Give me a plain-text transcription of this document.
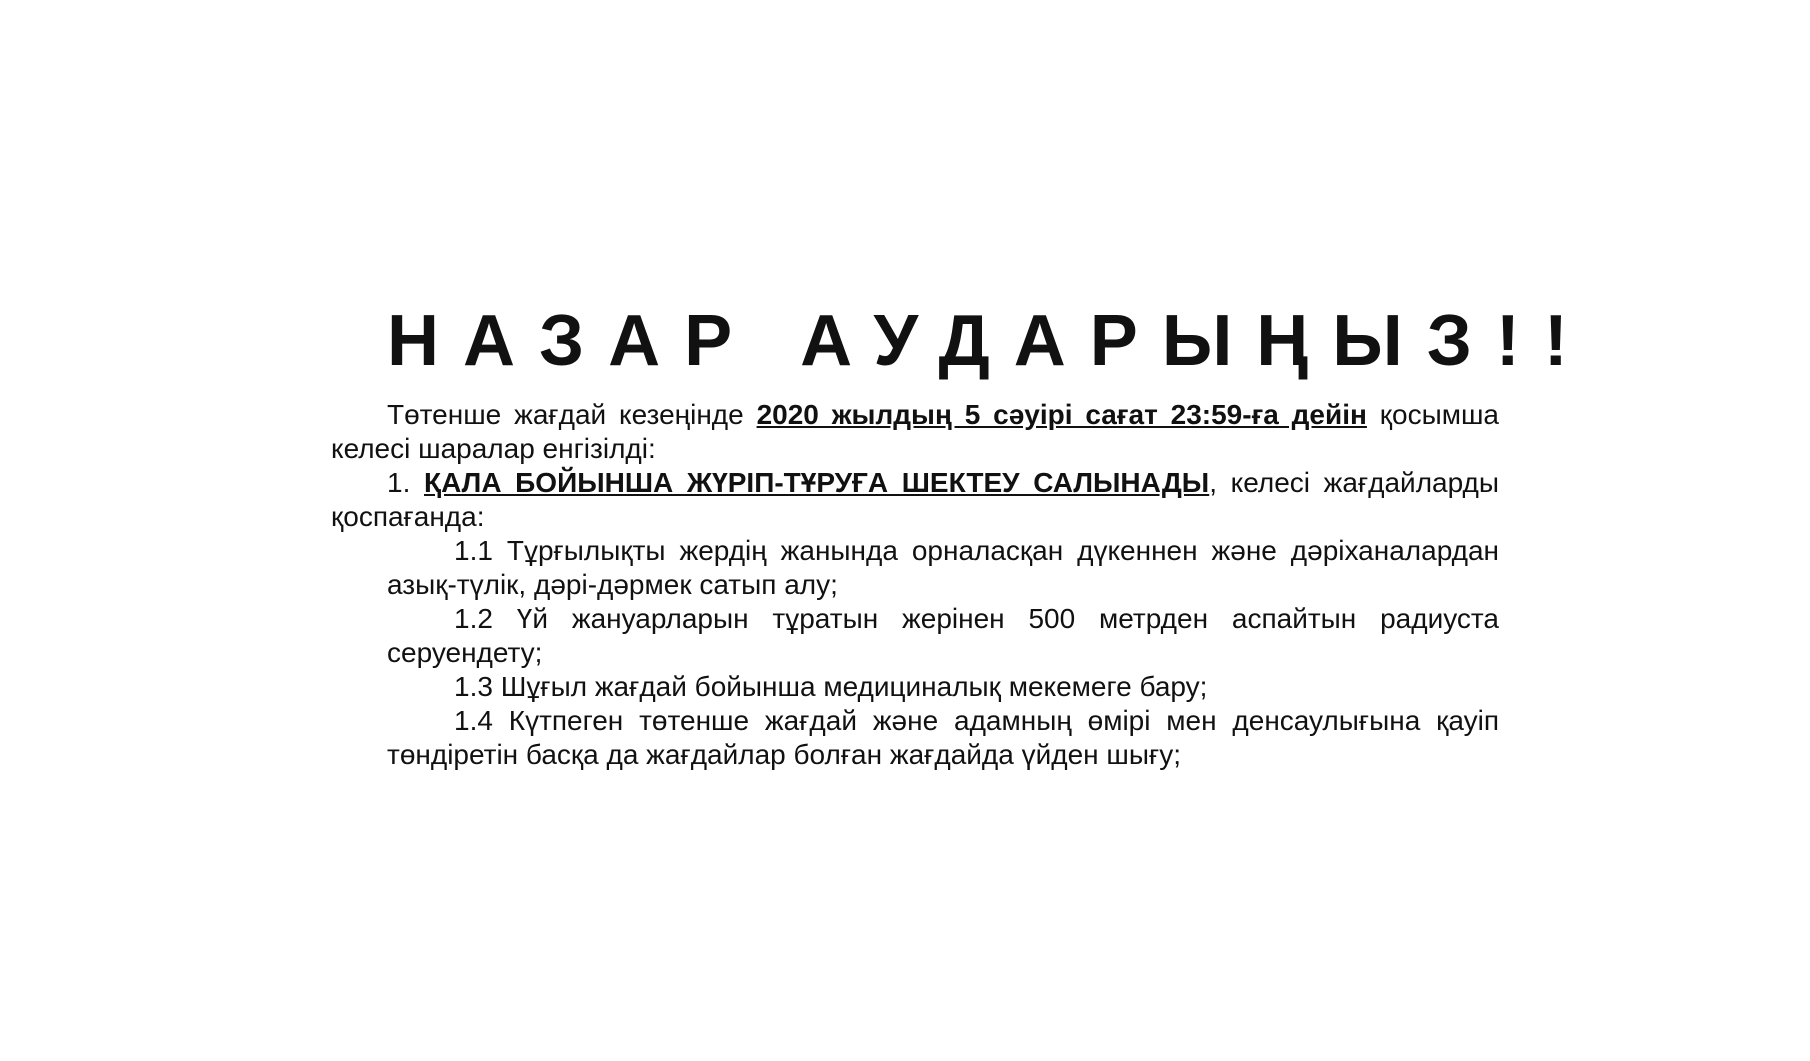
НАЗАР АУДАРЫҢЫЗ!!

Төтенше жағдай кезеңінде 2020 жылдың 5 сәуірі сағат 23:59-ға дейін қосымша келесі шаралар енгізілді:

1. ҚАЛА БОЙЫНША ЖҮРІП-ТҰРУҒА ШЕКТЕУ САЛЫНАДЫ, келесі жағдайларды қоспағанда:

1.1 Тұрғылықты жердің жанында орналасқан дүкеннен және дәріханалардан азық-түлік, дәрі-дәрмек сатып алу;

1.2 Үй жануарларын тұратын жерінен 500 метрден аспайтын радиуста серуендету;

1.3 Шұғыл жағдай бойынша медициналық мекемеге бару;

1.4 Күтпеген төтенше жағдай және адамның өмірі мен денсаулығына қауіп төндіретін басқа да жағдайлар болған жағдайда үйден шығу;
